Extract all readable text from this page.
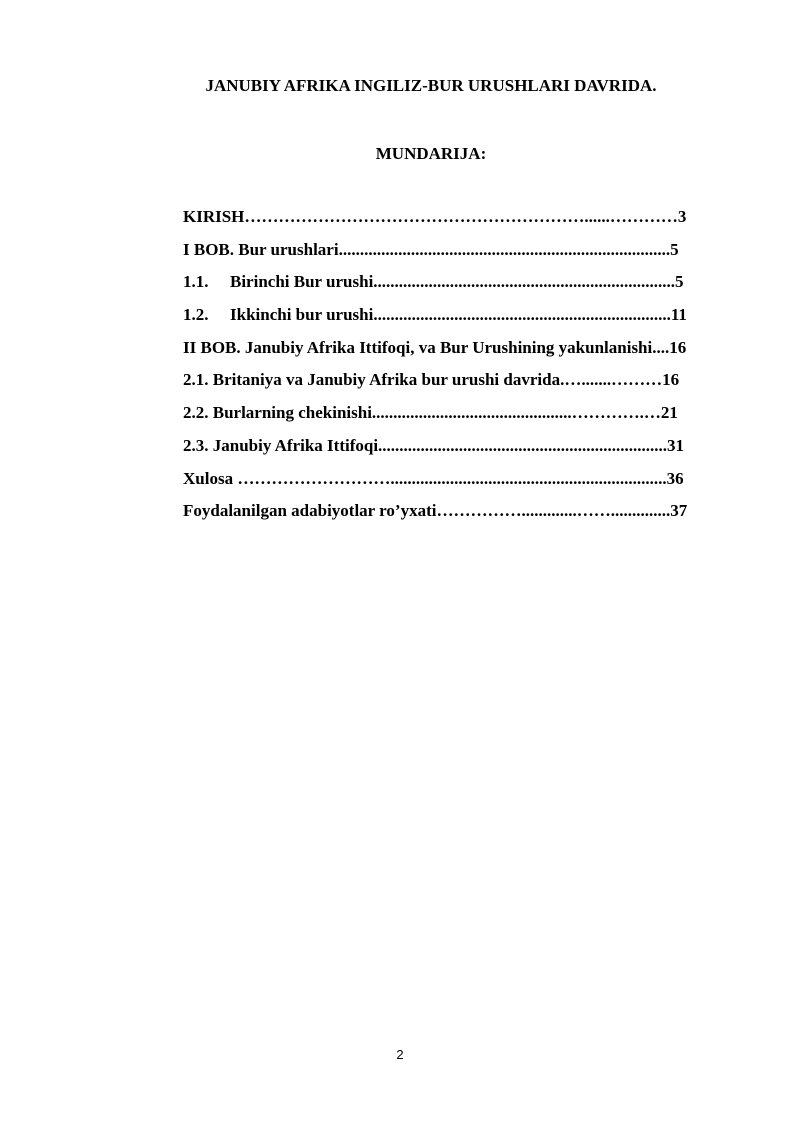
JANUBIY AFRIKA INGILIZ-BUR URUSHLARI DAVRIDA.
MUNDARIJA:
KIRISH……………………………………………………......…………3
I BOB. Bur urushlari..............................................................................5
1.1. Birinchi Bur urushi.......................................................................5
1.2. Ikkinchi bur urushi......................................................................11
II BOB. Janubiy Afrika Ittifoqi, va Bur Urushining yakunlanishi....16
2.1. Britaniya va Janubiy Afrika bur urushi davrida.….......………16
2.2. Burlarning chekinishi...............................................………….…21
2.3. Janubiy Afrika Ittifoqi....................................................................31
Xulosa ……………………….................................................................36
Foydalanilgan adabiyotlar ro’yxati…………….............……..............37
2
